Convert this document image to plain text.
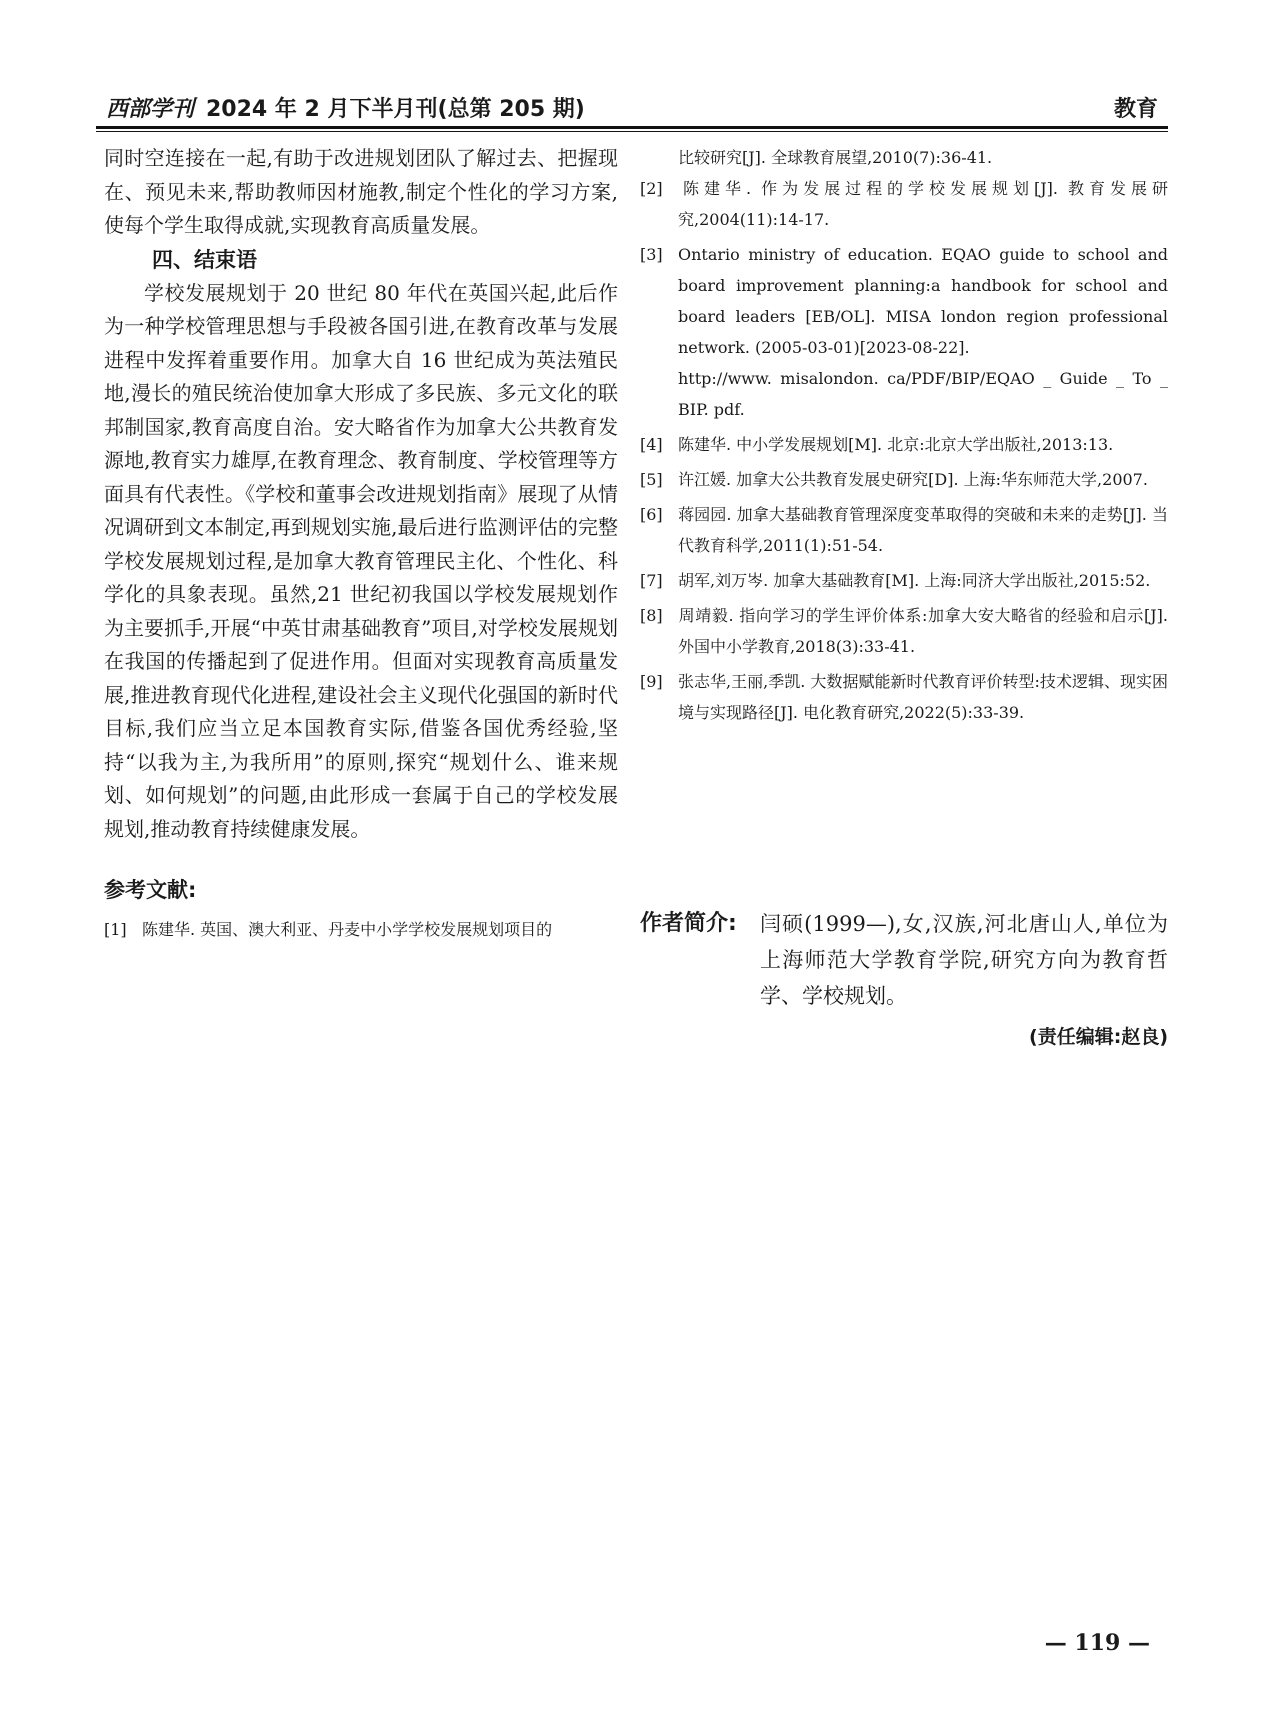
西部学刊 2024 年 2 月下半月刊(总第 205 期)	教育

同时空连接在一起,有助于改进规划团队了解过去、把握现在、预见未来,帮助教师因材施教,制定个性化的学习方案,使每个学生取得成就,实现教育高质量发展。

四、结束语

学校发展规划于 20 世纪 80 年代在英国兴起,此后作为一种学校管理思想与手段被各国引进,在教育改革与发展进程中发挥着重要作用。加拿大自 16 世纪成为英法殖民地,漫长的殖民统治使加拿大形成了多民族、多元文化的联邦制国家,教育高度自治。安大略省作为加拿大公共教育发源地,教育实力雄厚,在教育理念、教育制度、学校管理等方面具有代表性。《学校和董事会改进规划指南》展现了从情况调研到文本制定,再到规划实施,最后进行监测评估的完整学校发展规划过程,是加拿大教育管理民主化、个性化、科学化的具象表现。虽然,21 世纪初我国以学校发展规划作为主要抓手,开展“中英甘肃基础教育”项目,对学校发展规划在我国的传播起到了促进作用。但面对实现教育高质量发展,推进教育现代化进程,建设社会主义现代化强国的新时代目标,我们应当立足本国教育实际,借鉴各国优秀经验,坚持“以我为主,为我所用”的原则,探究“规划什么、谁来规划、如何规划”的问题,由此形成一套属于自己的学校发展规划,推动教育持续健康发展。

参考文献:

[1] 陈建华. 英国、澳大利亚、丹麦中小学学校发展规划项目的

比较研究[J]. 全球教育展望,2010(7):36-41.

[2] 陈建华. 作为发展过程的学校发展规划[J]. 教育发展研究,2004(11):14-17.

[3] Ontario ministry of education. EQAO guide to school and board improvement planning:a handbook for school and board leaders [EB/OL]. MISA london region professional network. (2005-03-01)[2023-08-22].
http://www. misalondon. ca/PDF/BIP/EQAO _ Guide _ To _ BIP. pdf.

[4] 陈建华. 中小学发展规划[M]. 北京:北京大学出版社,2013:13.

[5] 许江媛. 加拿大公共教育发展史研究[D]. 上海:华东师范大学,2007.

[6] 蒋园园. 加拿大基础教育管理深度变革取得的突破和未来的走势[J]. 当代教育科学,2011(1):51-54.

[7] 胡军,刘万岑. 加拿大基础教育[M]. 上海:同济大学出版社,2015:52.

[8] 周靖毅. 指向学习的学生评价体系:加拿大安大略省的经验和启示[J]. 外国中小学教育,2018(3):33-41.

[9] 张志华,王丽,季凯. 大数据赋能新时代教育评价转型:技术逻辑、现实困境与实现路径[J]. 电化教育研究,2022(5):33-39.

作者简介: 闫硕(1999—),女,汉族,河北唐山人,单位为上海师范大学教育学院,研究方向为教育哲学、学校规划。
(责任编辑:赵良)
— 119 —
